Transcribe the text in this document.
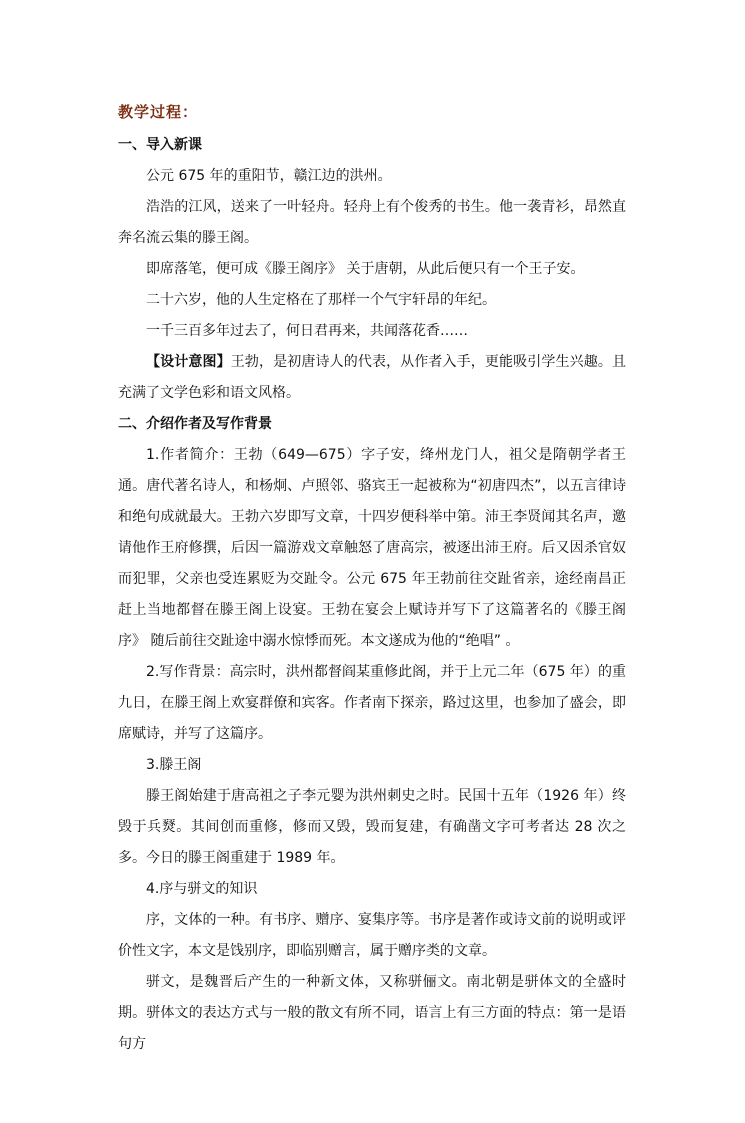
教学过程：
一、导入新课

公元 675 年的重阳节，赣江边的洪州。

浩浩的江风，送来了一叶轻舟。轻舟上有个俊秀的书生。他一袭青衫，昂然直奔名流云集的滕王阁。

即席落笔，便可成《滕王阁序》 关于唐朝，从此后便只有一个王子安。

二十六岁，他的人生定格在了那样一个气宇轩昂的年纪。

一千三百多年过去了，何日君再来，共闻落花香……

【设计意图】王勃，是初唐诗人的代表，从作者入手，更能吸引学生兴趣。且充满了文学色彩和语文风格。

二、介绍作者及写作背景

1.作者简介：王勃（649—675）字子安，绛州龙门人，祖父是隋朝学者王通。唐代著名诗人，和杨炯、卢照邻、骆宾王一起被称为“初唐四杰”，以五言律诗和绝句成就最大。王勃六岁即写文章，十四岁便科举中第。沛王李贤闻其名声，邀请他作王府修撰，后因一篇游戏文章触怒了唐高宗，被逐出沛王府。后又因杀官奴而犯罪，父亲也受连累贬为交趾令。公元 675 年王勃前往交趾省亲，途经南昌正赶上当地都督在滕王阁上设宴。王勃在宴会上赋诗并写下了这篇著名的《滕王阁序》 随后前往交趾途中溺水惊悸而死。本文遂成为他的“绝唱” 。

2.写作背景：高宗时，洪州都督阎某重修此阁，并于上元二年（675 年）的重九日，在滕王阁上欢宴群僚和宾客。作者南下探亲，路过这里，也参加了盛会，即席赋诗，并写了这篇序。

3.滕王阁

滕王阁始建于唐高祖之子李元婴为洪州刺史之时。民国十五年（1926 年）终毁于兵燹。其间创而重修，修而又毁，毁而复建，有确凿文字可考者达 28 次之多。今日的滕王阁重建于 1989 年。

4.序与骈文的知识

序，文体的一种。有书序、赠序、宴集序等。书序是著作或诗文前的说明或评价性文字，本文是饯别序，即临别赠言，属于赠序类的文章。

骈文，是魏晋后产生的一种新文体，又称骈俪文。南北朝是骈体文的全盛时期。骈体文的表达方式与一般的散文有所不同，语言上有三方面的特点：第一是语句方
